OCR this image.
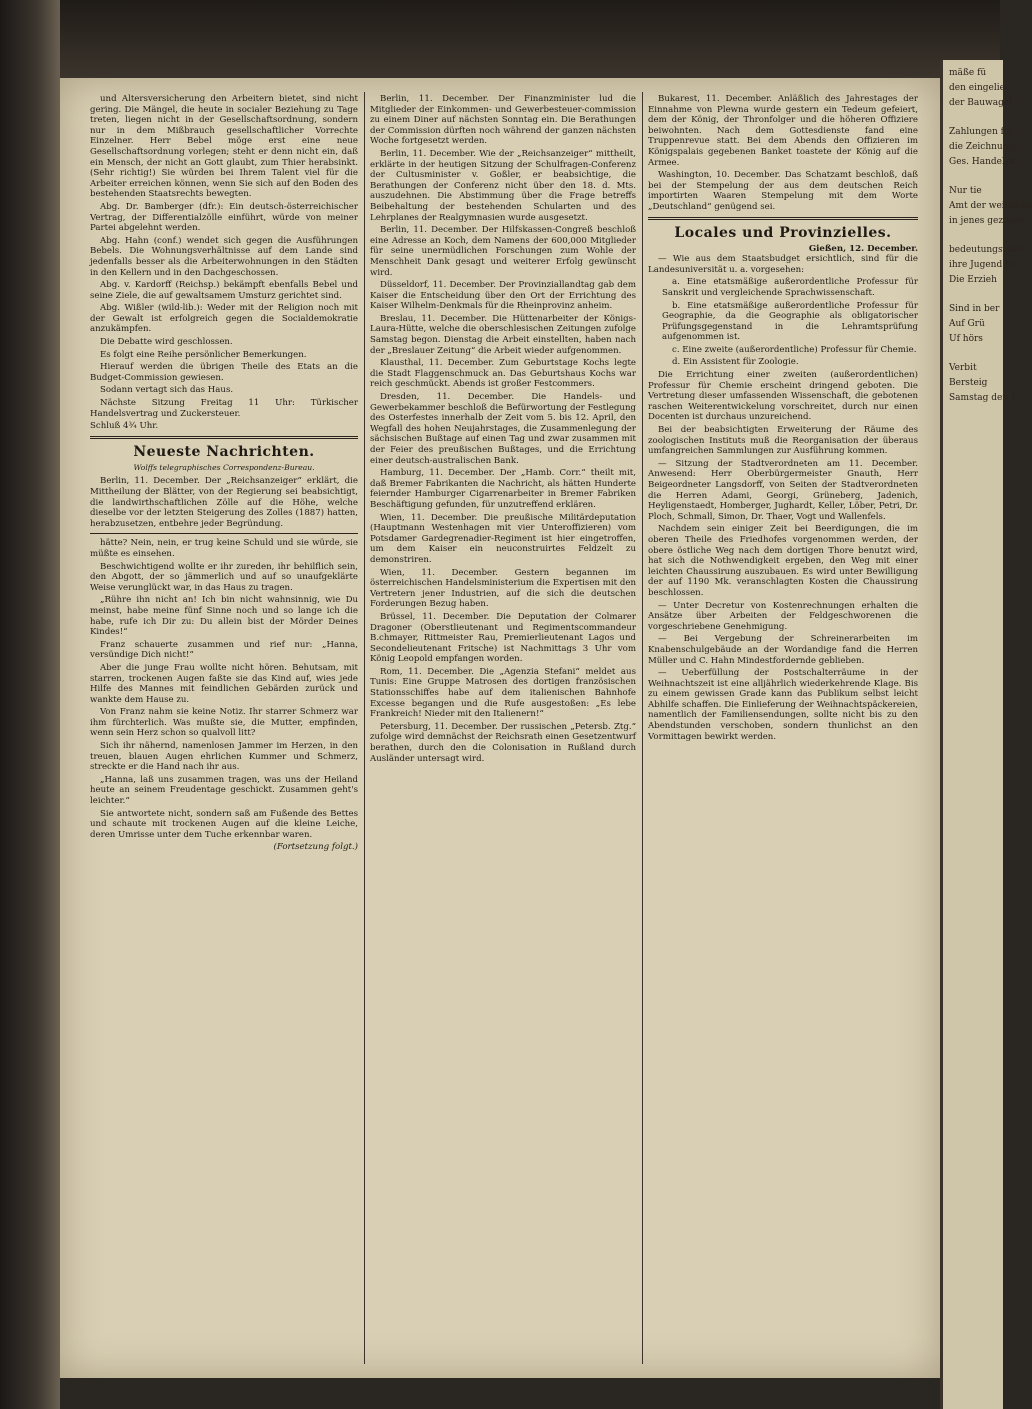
und Altersversicherung den Arbeitern bietet, sind nicht gering. Die Mängel, die heute in socialer Beziehung zu Tage treten, liegen nicht in der Gesellschaftsordnung, sondern nur in dem Mißbrauch gesellschaftlicher Vorrechte Einzelner. Herr Bebel möge erst eine neue Gesellschaftsordnung vorlegen; steht er denn nicht ein, daß ein Mensch, der nicht an Gott glaubt, zum Thier herabsinkt. (Sehr richtig!) Sie würden bei Ihrem Talent viel für die Arbeiter erreichen können, wenn Sie sich auf den Boden des bestehenden Staatsrechts bewegten.

Abg. Dr. Bamberger (dfr.): Ein deutsch-österreichischer Vertrag, der Differentialzölle einführt, würde von meiner Partei abgelehnt werden.

Abg. Hahn (conf.) wendet sich gegen die Ausführungen Bebels. Die Wohnungsverhältnisse auf dem Lande sind jedenfalls besser als die Arbeiterwohnungen in den Städten in den Kellern und in den Dachgeschossen.

Abg. v. Kardorff (Reichsp.) bekämpft ebenfalls Bebel und seine Ziele, die auf gewaltsamem Umsturz gerichtet sind.

Abg. Wißler (wild-lib.): Weder mit der Religion noch mit der Gewalt ist erfolgreich gegen die Socialdemokratie anzukämpfen.

Die Debatte wird geschlossen.

Es folgt eine Reihe persönlicher Bemerkungen.

Hierauf werden die übrigen Theile des Etats an die Budget-Commission gewiesen.

Sodann vertagt sich das Haus.

Nächste Sitzung Freitag 11 Uhr: Türkischer Handelsvertrag und Zuckersteuer.

Schluß 4¾ Uhr.

Neueste Nachrichten.
Wolffs telegraphisches Correspondenz-Bureau.

Berlin, 11. December. Der „Reichsanzeiger“ erklärt, die Mittheilung der Blätter, von der Regierung sei beabsichtigt, die landwirthschaftlichen Zölle auf die Höhe, welche dieselbe vor der letzten Steigerung des Zolles (1887) hatten, herabzusetzen, entbehre jeder Begründung.

hätte? Nein, nein, er trug keine Schuld und sie würde, sie müßte es einsehen.

Beschwichtigend wollte er ihr zureden, ihr behilflich sein, den Abgott, der so jämmerlich und auf so unaufgeklärte Weise verunglückt war, in das Haus zu tragen.

„Rühre ihn nicht an! Ich bin nicht wahnsinnig, wie Du meinst, habe meine fünf Sinne noch und so lange ich die habe, rufe ich Dir zu: Du allein bist der Mörder Deines Kindes!“

Franz schauerte zusammen und rief nur: „Hanna, versündige Dich nicht!“

Aber die junge Frau wollte nicht hören. Behutsam, mit starren, trockenen Augen faßte sie das Kind auf, wies jede Hilfe des Mannes mit feindlichen Gebärden zurück und wankte dem Hause zu.

Von Franz nahm sie keine Notiz. Ihr starrer Schmerz war ihm fürchterlich. Was mußte sie, die Mutter, empfinden, wenn sein Herz schon so qualvoll litt?

Sich ihr nähernd, namenlosen Jammer im Herzen, in den treuen, blauen Augen ehrlichen Kummer und Schmerz, streckte er die Hand nach ihr aus.

„Hanna, laß uns zusammen tragen, was uns der Heiland heute an seinem Freudentage geschickt. Zusammen geht's leichter.“

Sie antwortete nicht, sondern saß am Fußende des Bettes und schaute mit trockenen Augen auf die kleine Leiche, deren Umrisse unter dem Tuche erkennbar waren.

(Fortsetzung folgt.)

Berlin, 11. December. Der Finanzminister lud die Mitglieder der Einkommen- und Gewerbesteuer-commission zu einem Diner auf nächsten Sonntag ein. Die Berathungen der Commission dürften noch während der ganzen nächsten Woche fortgesetzt werden.

Berlin, 11. December. Wie der „Reichsanzeiger“ mittheilt, erklärte in der heutigen Sitzung der Schulfragen-Conferenz der Cultusminister v. Goßler, er beabsichtige, die Berathungen der Conferenz nicht über den 18. d. Mts. auszudehnen. Die Abstimmung über die Frage betreffs Beibehaltung der bestehenden Schularten und des Lehrplanes der Realgymnasien wurde ausgesetzt.

Berlin, 11. December. Der Hilfskassen-Congreß beschloß eine Adresse an Koch, dem Namens der 600,000 Mitglieder für seine unermüdlichen Forschungen zum Wohle der Menschheit Dank gesagt und weiterer Erfolg gewünscht wird.

Düsseldorf, 11. December. Der Provinziallandtag gab dem Kaiser die Entscheidung über den Ort der Errichtung des Kaiser Wilhelm-Denkmals für die Rheinprovinz anheim.

Breslau, 11. December. Die Hüttenarbeiter der Königs-Laura-Hütte, welche die oberschlesischen Zeitungen zufolge Samstag begon. Dienstag die Arbeit einstellten, haben nach der „Breslauer Zeitung“ die Arbeit wieder aufgenommen.

Klausthal, 11. December. Zum Geburtstage Kochs legte die Stadt Flaggenschmuck an. Das Geburtshaus Kochs war reich geschmückt. Abends ist großer Festcommers.

Dresden, 11. December. Die Handels- und Gewerbekammer beschloß die Befürwortung der Festlegung des Osterfestes innerhalb der Zeit vom 5. bis 12. April, den Wegfall des hohen Neujahrstages, die Zusammenlegung der sächsischen Bußtage auf einen Tag und zwar zusammen mit der Feier des preußischen Bußtages, und die Errichtung einer deutsch-australischen Bank.

Hamburg, 11. December. Der „Hamb. Corr.“ theilt mit, daß Bremer Fabrikanten die Nachricht, als hätten Hunderte feiernder Hamburger Cigarrenarbeiter in Bremer Fabriken Beschäftigung gefunden, für unzutreffend erklären.

Wien, 11. December. Die preußische Militärdeputation (Hauptmann Westenhagen mit vier Unteroffizieren) vom Potsdamer Gardegrenadier-Regiment ist hier eingetroffen, um dem Kaiser ein neuconstruirtes Feldzelt zu demonstriren.

Wien, 11. December. Gestern begannen im österreichischen Handelsministerium die Expertisen mit den Vertretern jener Industrien, auf die sich die deutschen Forderungen Bezug haben.

Brüssel, 11. December. Die Deputation der Colmarer Dragoner (Oberstlieutenant und Regimentscommandeur B.chmayer, Rittmeister Rau, Premierlieutenant Lagos und Secondelieutenant Fritsche) ist Nachmittags 3 Uhr vom König Leopold empfangen worden.

Rom, 11. December. Die „Agenzia Stefani“ meldet aus Tunis: Eine Gruppe Matrosen des dortigen französischen Stationsschiffes habe auf dem italienischen Bahnhofe Excesse begangen und die Rufe ausgestoßen: „Es lebe Frankreich! Nieder mit den Italienern!“

Petersburg, 11. December. Der russischen „Petersb. Ztg.“ zufolge wird demnächst der Reichsrath einen Gesetzentwurf berathen, durch den die Colonisation in Rußland durch Ausländer untersagt wird.

Bukarest, 11. December. Anläßlich des Jahrestages der Einnahme von Plewna wurde gestern ein Tedeum gefeiert, dem der König, der Thronfolger und die höheren Offiziere beiwohnten. Nach dem Gottesdienste fand eine Truppenrevue statt. Bei dem Abends den Offizieren im Königspalais gegebenen Banket toastete der König auf die Armee.

Washington, 10. December. Das Schatzamt beschloß, daß bei der Stempelung der aus dem deutschen Reich importirten Waaren Stempelung mit dem Worte „Deutschland“ genügend sei.

Locales und Provinzielles.
Gießen, 12. December.

— Wie aus dem Staatsbudget ersichtlich, sind für die Landesuniversität u. a. vorgesehen:

a. Eine etatsmäßige außerordentliche Professur für Sanskrit und vergleichende Sprachwissenschaft.

b. Eine etatsmäßige außerordentliche Professur für Geographie, da die Geographie als obligatorischer Prüfungsgegenstand in die Lehramtsprüfung aufgenommen ist.

c. Eine zweite (außerordentliche) Professur für Chemie.

d. Ein Assistent für Zoologie.

Die Errichtung einer zweiten (außerordentlichen) Professur für Chemie erscheint dringend geboten. Die Vertretung dieser umfassenden Wissenschaft, die gebotenen raschen Weiterentwickelung vorschreitet, durch nur einen Docenten ist durchaus unzureichend.

Bei der beabsichtigten Erweiterung der Räume des zoologischen Instituts muß die Reorganisation der überaus umfangreichen Sammlungen zur Ausführung kommen.

— Sitzung der Stadtverordneten am 11. December. Anwesend: Herr Oberbürgermeister Gnauth, Herr Beigeordneter Langsdorff, von Seiten der Stadtverordneten die Herren Adami, Georgi, Grüneberg, Jadenich, Heyligenstaedt, Homberger, Jughardt, Keller, Löber, Petri, Dr. Ploch, Schmall, Simon, Dr. Thaer, Vogt und Wallenfels.

Nachdem sein einiger Zeit bei Beerdigungen, die im oberen Theile des Friedhofes vorgenommen werden, der obere östliche Weg nach dem dortigen Thore benutzt wird, hat sich die Nothwendigkeit ergeben, den Weg mit einer leichten Chaussirung auszubauen. Es wird unter Bewilligung der auf 1190 Mk. veranschlagten Kosten die Chaussirung beschlossen.

— Unter Decretur von Kostenrechnungen erhalten die Ansätze über Arbeiten der Feldgeschworenen die vorgeschriebene Genehmigung.

— Bei Vergebung der Schreinerarbeiten im Knabenschulgebäude an der Wordandige fand die Herren Müller und C. Hahn Mindestfordernde geblieben.

— Ueberfüllung der Postschalterräume in der Weihnachtszeit ist eine alljährlich wiederkehrende Klage. Bis zu einem gewissen Grade kann das Publikum selbst leicht Abhilfe schaffen. Die Einlieferung der Weihnachtspäckereien, namentlich der Familiensendungen, sollte nicht bis zu den Abendstunden verschoben, sondern thunlichst an den Vormittagen bewirkt werden.

mäße fü
den eingelie
der Bauwagel
Zahlungen fel
die Zeichnung
Ges. Handelsk
Nur tie
Amt der weibliche
in jenes gezogen
bedeutungsvolle
ihre Jugend bi
Die Erzieh
Sind in ber
Auf Grü
Uf hörs
Verbit
Bersteig
Samstag den 1
